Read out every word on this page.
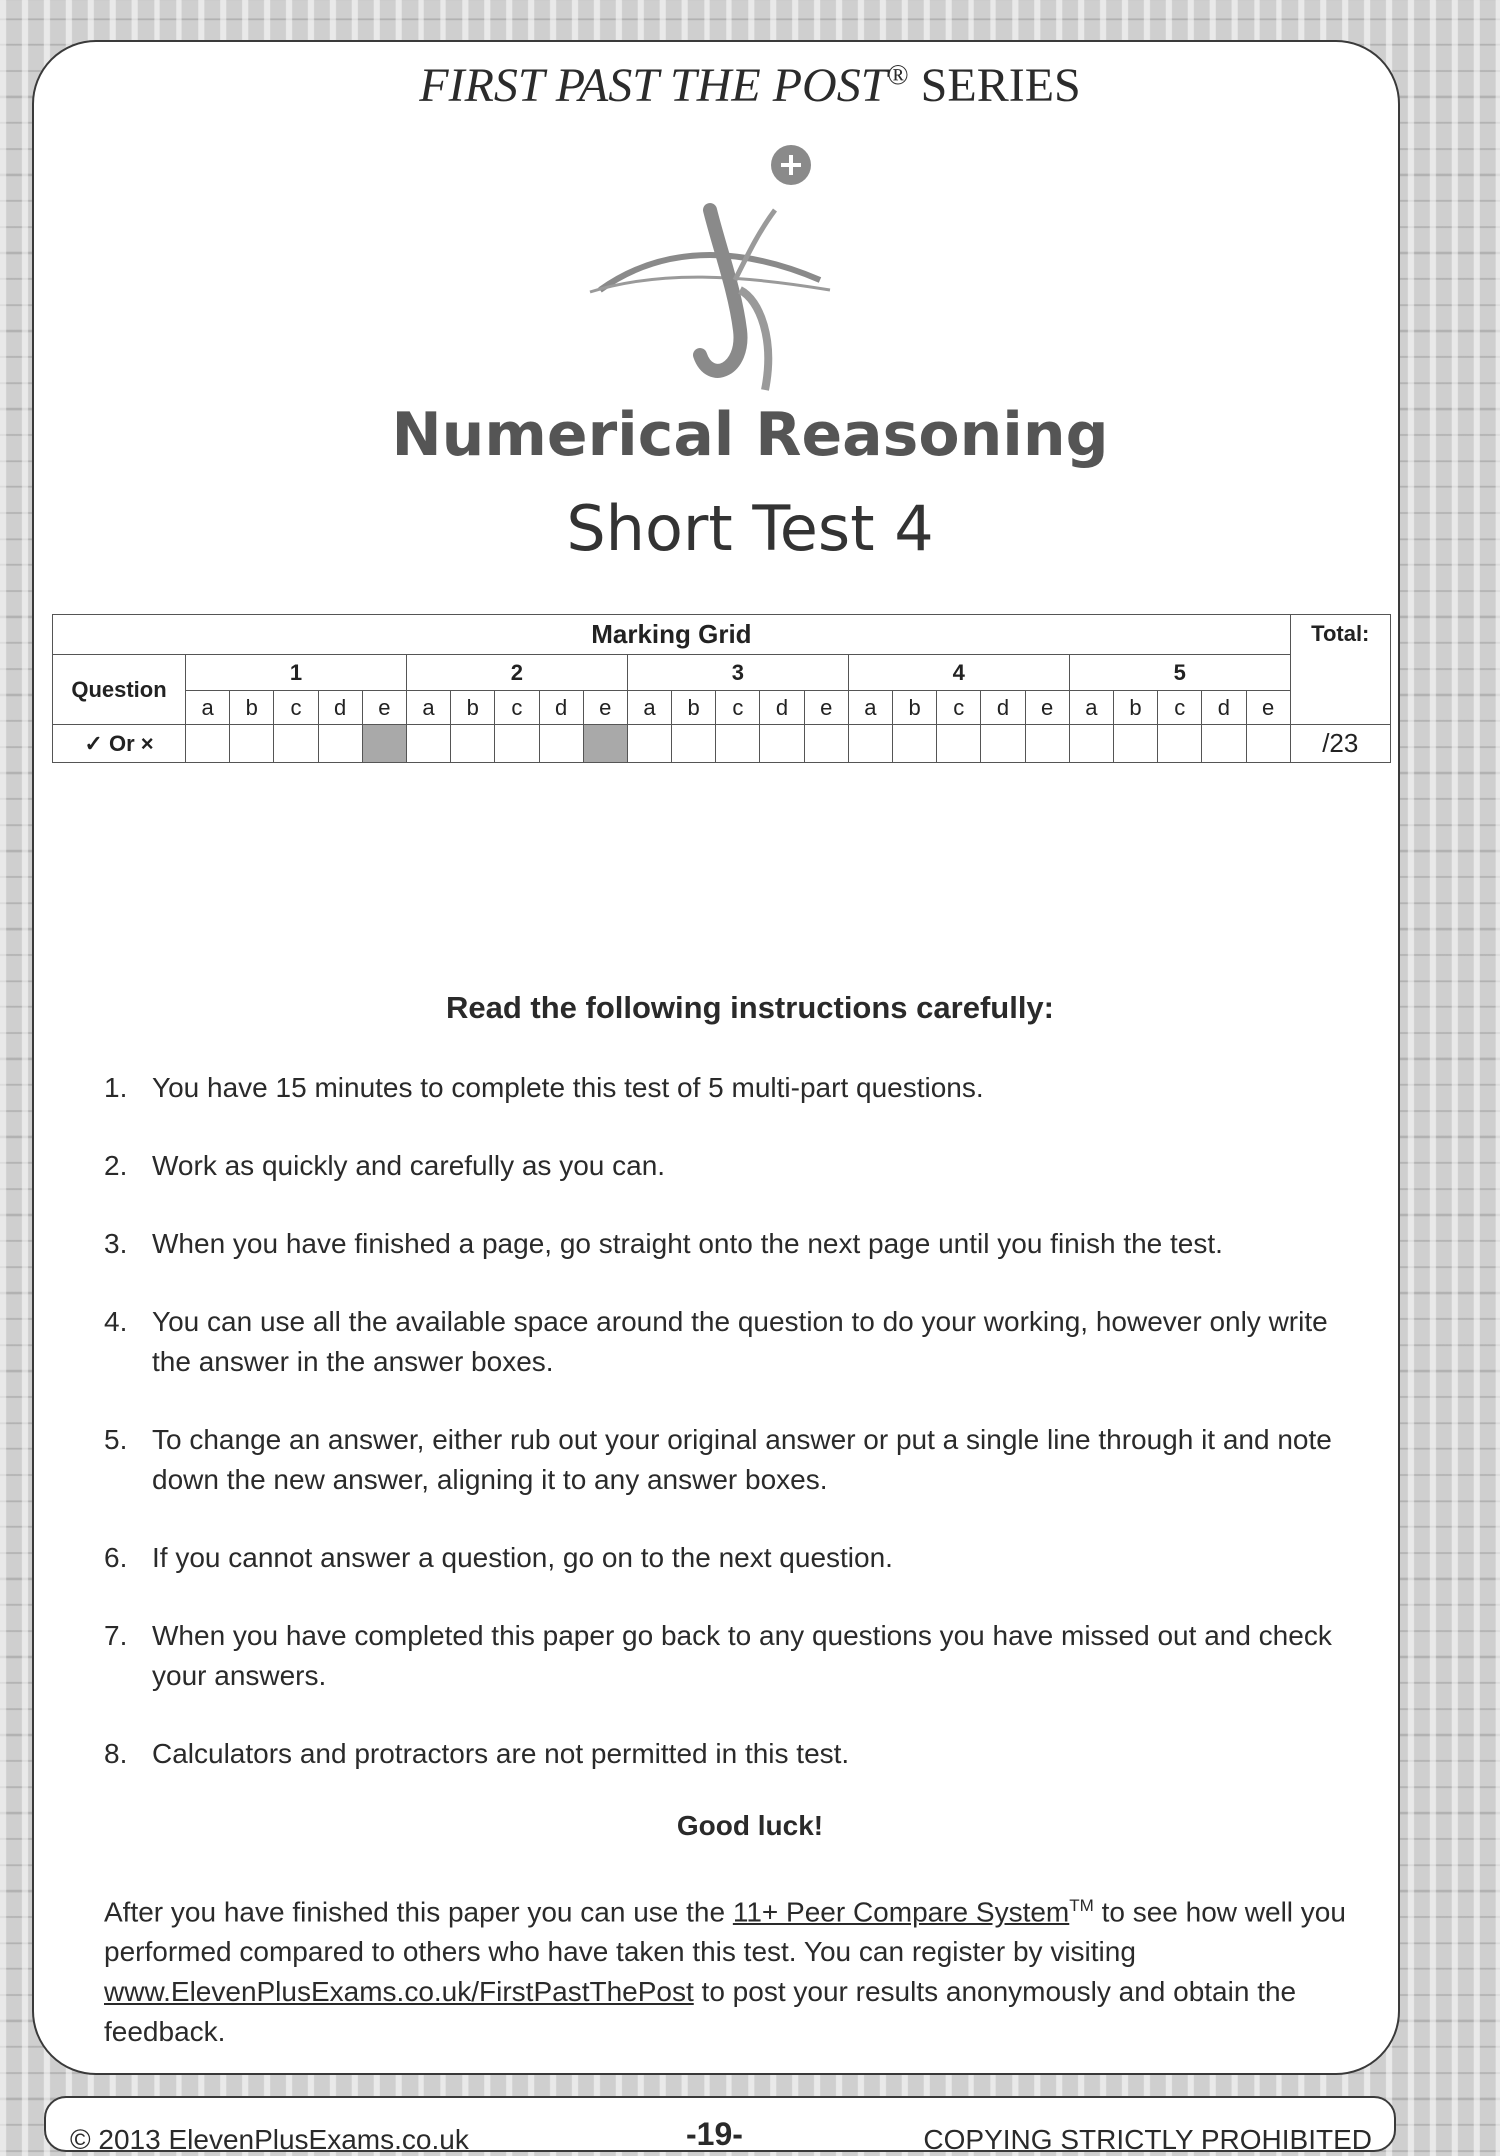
FIRST PAST THE POST® SERIES
Numerical Reasoning
Short Test 4
Marking Grid																										Total:
Question	1					2					3					4					5					
	a	b	c	d	e	a	b	c	d	e	a	b	c	d	e	a	b	c	d	e	a	b	c	d	e	
✓ Or ×																										/23
Read the following instructions carefully:
1. You have 15 minutes to complete this test of 5 multi-part questions.
2. Work as quickly and carefully as you can.
3. When you have finished a page, go straight onto the next page until you finish the test.
4. You can use all the available space around the question to do your working, however only write the answer in the answer boxes.
5. To change an answer, either rub out your original answer or put a single line through it and note down the new answer, aligning it to any answer boxes.
6. If you cannot answer a question, go on to the next question.
7. When you have completed this paper go back to any questions you have missed out and check your answers.
8. Calculators and protractors are not permitted in this test.
Good luck!
After you have finished this paper you can use the 11+ Peer Compare System™ to see how well you performed compared to others who have taken this test. You can register by visiting www.ElevenPlusExams.co.uk/FirstPastThePost to post your results anonymously and obtain the feedback.
© 2013 ElevenPlusExams.co.uk	-19-	COPYING STRICTLY PROHIBITED
